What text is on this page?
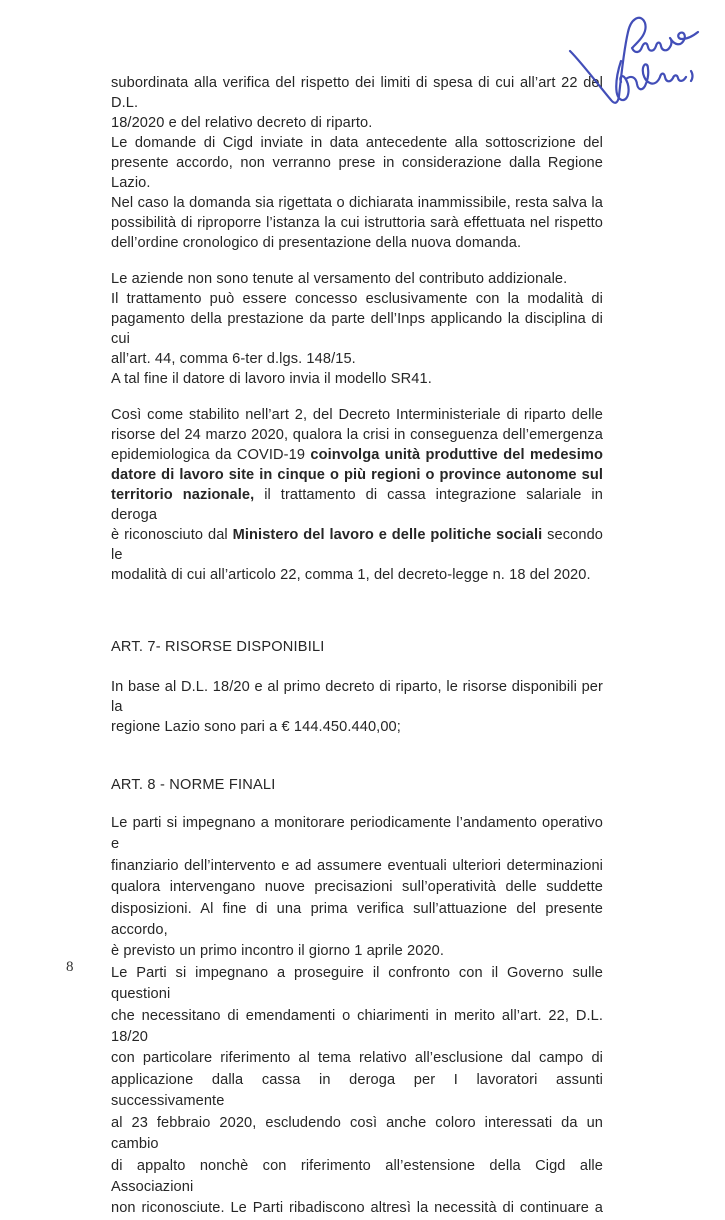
subordinata alla verifica del rispetto dei limiti di spesa di cui all’art 22 del D.L.
18/2020 e del relativo decreto di riparto.
Le domande di Cigd inviate in data antecedente alla sottoscrizione del
presente accordo, non verranno prese in considerazione dalla Regione
Lazio.
Nel caso la domanda sia rigettata o dichiarata inammissibile, resta salva la
possibilità di riproporre l’istanza la cui istruttoria sarà effettuata nel rispetto
dell’ordine cronologico di presentazione della nuova domanda.
Le aziende non sono tenute al versamento del contributo addizionale.
Il trattamento può essere concesso esclusivamente con la modalità di
pagamento della prestazione da parte dell’Inps applicando la disciplina di cui
all’art. 44, comma 6-ter d.lgs. 148/15.
A tal fine il datore di lavoro invia il modello SR41.
Così come stabilito nell’art 2, del Decreto Interministeriale di riparto delle
risorse del 24 marzo 2020, qualora la crisi in conseguenza dell’emergenza
epidemiologica da COVID-19 coinvolga unità produttive del medesimo
datore di lavoro site in cinque o più regioni o province autonome sul
territorio nazionale, il trattamento di cassa integrazione salariale in deroga
è riconosciuto dal Ministero del lavoro e delle politiche sociali secondo le
modalità di cui all’articolo 22, comma 1, del decreto-legge n. 18 del 2020.
ART. 7- RISORSE DISPONIBILI
In base al D.L. 18/20 e al primo decreto di riparto, le risorse disponibili per la
regione Lazio sono pari a € 144.450.440,00;
ART. 8 - NORME FINALI
Le parti si impegnano a monitorare periodicamente l’andamento operativo e
finanziario dell’intervento e ad assumere eventuali ulteriori determinazioni
qualora intervengano nuove precisazioni sull’operatività delle suddette
disposizioni. Al fine di una prima verifica sull’attuazione del presente accordo,
è previsto un primo incontro il giorno 1 aprile 2020.
Le Parti si impegnano a proseguire il confronto con il Governo sulle questioni
che necessitano di emendamenti o chiarimenti in merito all’art. 22, D.L. 18/20
con particolare riferimento al tema relativo all’esclusione dal campo di
applicazione dalla cassa in deroga per I lavoratori assunti successivamente
al 23 febbraio 2020, escludendo così anche coloro interessati da un cambio
di appalto nonchè con riferimento all’estensione della Cigd alle Associazioni
non riconosciute. Le Parti ribadiscono altresì la necessità di continuare a
8
